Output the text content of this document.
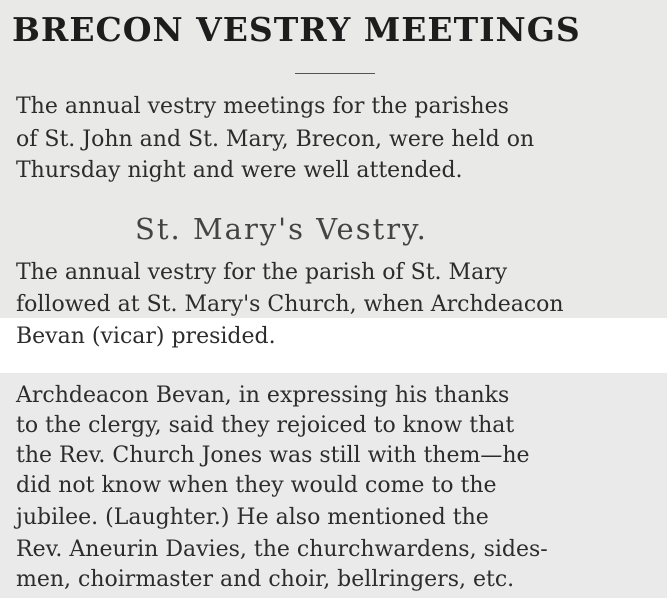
BRECON VESTRY MEETINGS
The annual vestry meetings for the parishes
of St. John and St. Mary, Brecon, were held on
Thursday night and were well attended.
St. Mary's Vestry.
The annual vestry for the parish of St. Mary
followed at St. Mary's Church, when Archdeacon
Bevan (vicar) presided.
Archdeacon Bevan, in expressing his thanks
to the clergy, said they rejoiced to know that
the Rev. Church Jones was still with them—he
did not know when they would come to the
jubilee. (Laughter.) He also mentioned the
Rev. Aneurin Davies, the churchwardens, sides-
men, choirmaster and choir, bellringers, etc.
